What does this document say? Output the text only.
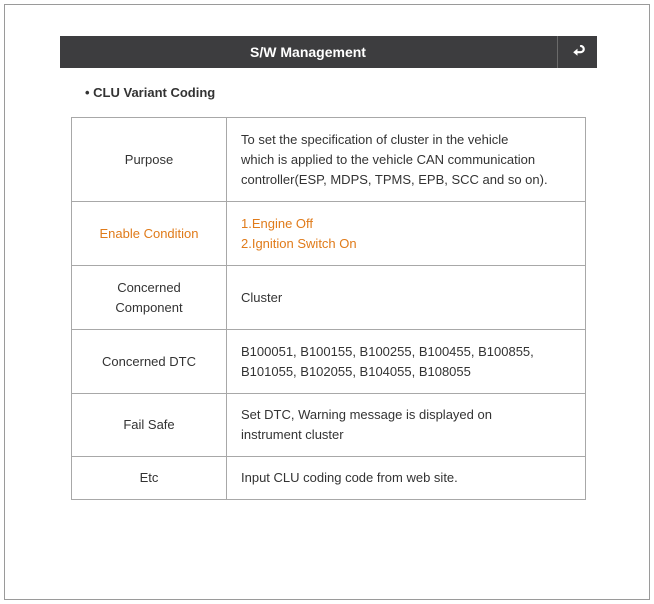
S/W Management
• CLU Variant Coding
Purpose	To set the specification of cluster in the vehicle
which is applied to the vehicle CAN communication
controller(ESP, MDPS, TPMS, EPB, SCC and so on).

Enable Condition	1.Engine Off
2.Ignition Switch On

Concerned
Component	Cluster

Concerned DTC	B100051, B100155, B100255, B100455, B100855,
B101055, B102055, B104055, B108055

Fail Safe	Set DTC, Warning message is displayed on
instrument cluster

Etc	Input CLU coding code from web site.
